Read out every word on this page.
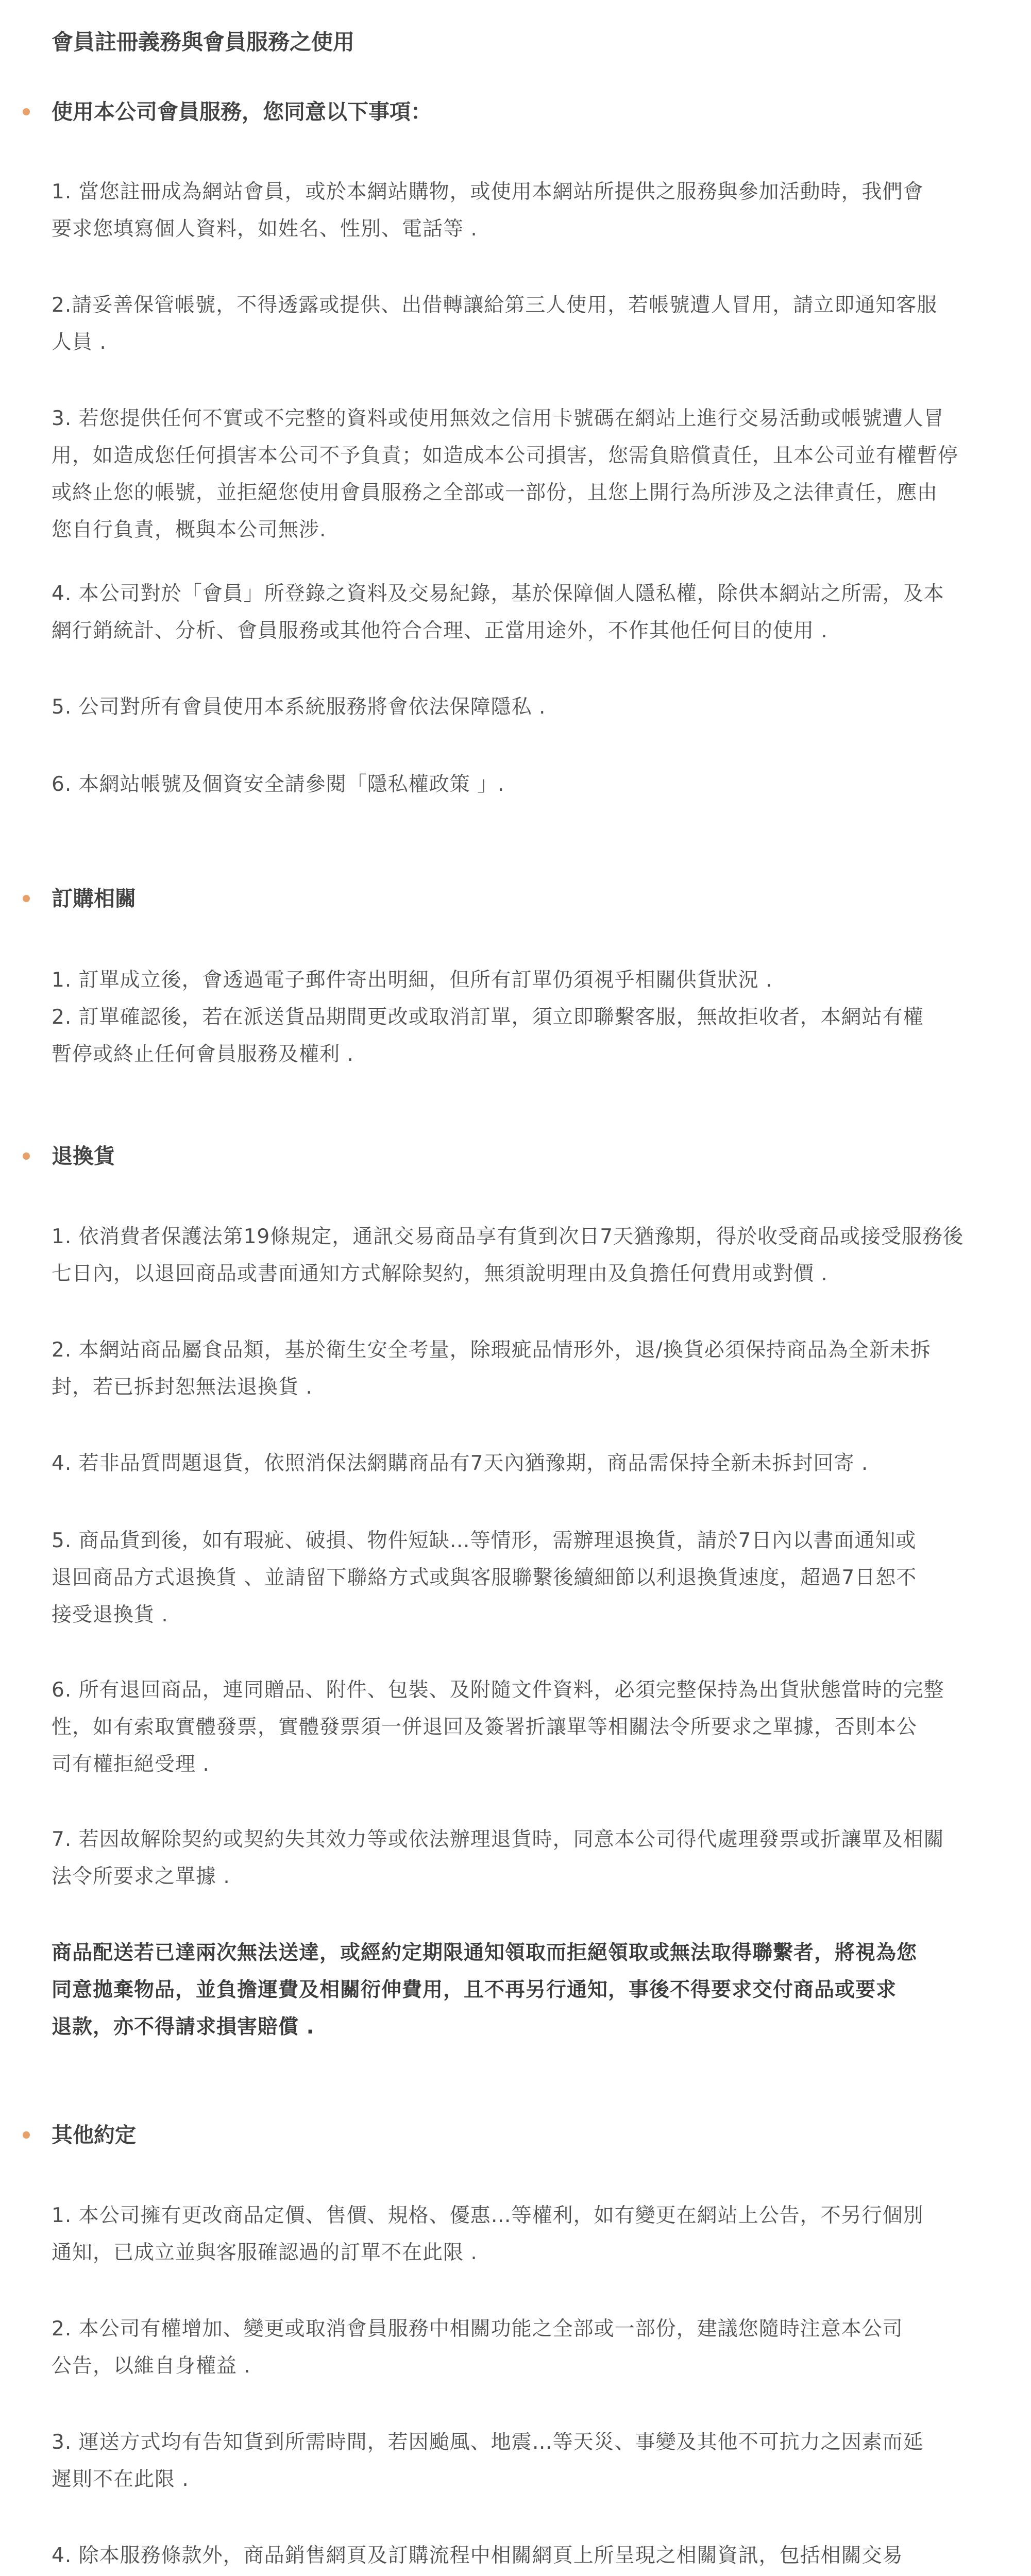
會員註冊義務與會員服務之使用
使用本公司會員服務，您同意以下事項：
1. 當您註冊成為網站會員，或於本網站購物，或使用本網站所提供之服務與參加活動時，我們會
要求您填寫個人資料，如姓名、性別、電話等 .
2.請妥善保管帳號，不得透露或提供、出借轉讓給第三人使用，若帳號遭人冒用，請立即通知客服
人員 .
3. 若您提供任何不實或不完整的資料或使用無效之信用卡號碼在網站上進行交易活動或帳號遭人冒
用，如造成您任何損害本公司不予負責；如造成本公司損害，您需負賠償責任，且本公司並有權暫停
或終止您的帳號，並拒絕您使用會員服務之全部或一部份，且您上開行為所涉及之法律責任，應由
您自行負責，概與本公司無涉.
4. 本公司對於「會員」所登錄之資料及交易紀錄，基於保障個人隱私權，除供本網站之所需，及本
網行銷統計、分析、會員服務或其他符合合理、正當用途外，不作其他任何目的使用 .
5. 公司對所有會員使用本系統服務將會依法保障隱私 .
6. 本網站帳號及個資安全請參閱「隱私權政策 」.
訂購相關
1. 訂單成立後，會透過電子郵件寄出明細，但所有訂單仍須視乎相關供貨狀況 .
2. 訂單確認後，若在派送貨品期間更改或取消訂單，須立即聯繫客服，無故拒收者，本網站有權
暫停或終止任何會員服務及權利 .
退換貨
1. 依消費者保護法第19條規定，通訊交易商品享有貨到次日7天猶豫期，得於收受商品或接受服務後
七日內，以退回商品或書面通知方式解除契約，無須說明理由及負擔任何費用或對價 .
2. 本網站商品屬食品類，基於衛生安全考量，除瑕疵品情形外，退/換貨必須保持商品為全新未拆
封，若已拆封恕無法退換貨 .
4. 若非品質問題退貨，依照消保法網購商品有7天內猶豫期，商品需保持全新未拆封回寄 .
5. 商品貨到後，如有瑕疵、破損、物件短缺…等情形，需辦理退換貨，請於7日內以書面通知或
退回商品方式退換貨 、並請留下聯絡方式或與客服聯繫後續細節以利退換貨速度，超過7日恕不
接受退換貨 .
6. 所有退回商品，連同贈品、附件、包裝、及附隨文件資料，必須完整保持為出貨狀態當時的完整
性，如有索取實體發票，實體發票須一併退回及簽署折讓單等相關法令所要求之單據，否則本公
司有權拒絕受理 .
7. 若因故解除契約或契約失其效力等或依法辦理退貨時，同意本公司得代處理發票或折讓單及相關
法令所要求之單據 .
商品配送若已達兩次無法送達，或經約定期限通知領取而拒絕領取或無法取得聯繫者，將視為您
同意拋棄物品，並負擔運費及相關衍伸費用，且不再另行通知，事後不得要求交付商品或要求
退款，亦不得請求損害賠償 .
其他約定
1. 本公司擁有更改商品定價、售價、規格、優惠…等權利，如有變更在網站上公告，不另行個別
通知，已成立並與客服確認過的訂單不在此限 .
2. 本公司有權增加、變更或取消會員服務中相關功能之全部或一部份，建議您隨時注意本公司
公告，以維自身權益 .
3. 運送方式均有告知貨到所需時間，若因颱風、地震…等天災、事變及其他不可抗力之因素而延
遲則不在此限 .
4. 除本服務條款外，商品銷售網頁及訂購流程中相關網頁上所呈現之相關資訊，包括相關交易
